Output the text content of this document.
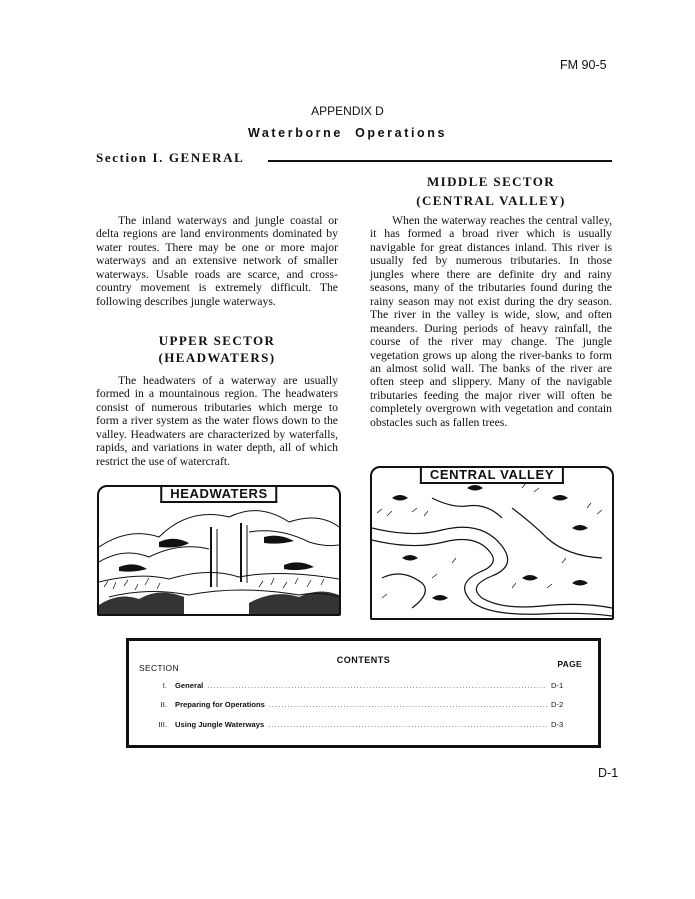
FM 90-5
APPENDIX D
Waterborne  Operations
Section I. GENERAL
MIDDLE SECTOR
(CENTRAL VALLEY)

The inland waterways and jungle coastal or delta regions are land environments dominated by water routes. There may be one or more major waterways and an extensive network of smaller waterways. Usable roads are scarce, and cross-country movement is extremely difficult. The following describes jungle waterways.

UPPER SECTOR
(HEADWATERS)

The headwaters of a waterway are usually formed in a mountainous region. The headwaters consist of numerous tributaries which merge to form a river system as the water flows down to the valley. Headwaters are characterized by waterfalls, rapids, and variations in water depth, all of which restrict the use of watercraft.

When the waterway reaches the central valley, it has formed a broad river which is usually navigable for great distances inland. This river is usually fed by numerous tributaries. In those jungles where there are definite dry and rainy seasons, many of the tributaries found during the rainy season may not exist during the dry season. The river in the valley is wide, slow, and often meanders. During periods of heavy rainfall, the course of the river may change. The jungle vegetation grows up along the river-banks to form an almost solid wall. The banks of the river are often steep and slippery. Many of the navigable tributaries feeding the major river will often be completely overgrown with vegetation and contain obstacles such as fallen trees.

HEADWATERS
CENTRAL VALLEY
CONTENTS
SECTION	PAGE
I. General .....	D-1
II. Preparing for Operations .....	D-2
III. Using Jungle Waterways .....	D-3
D-1
